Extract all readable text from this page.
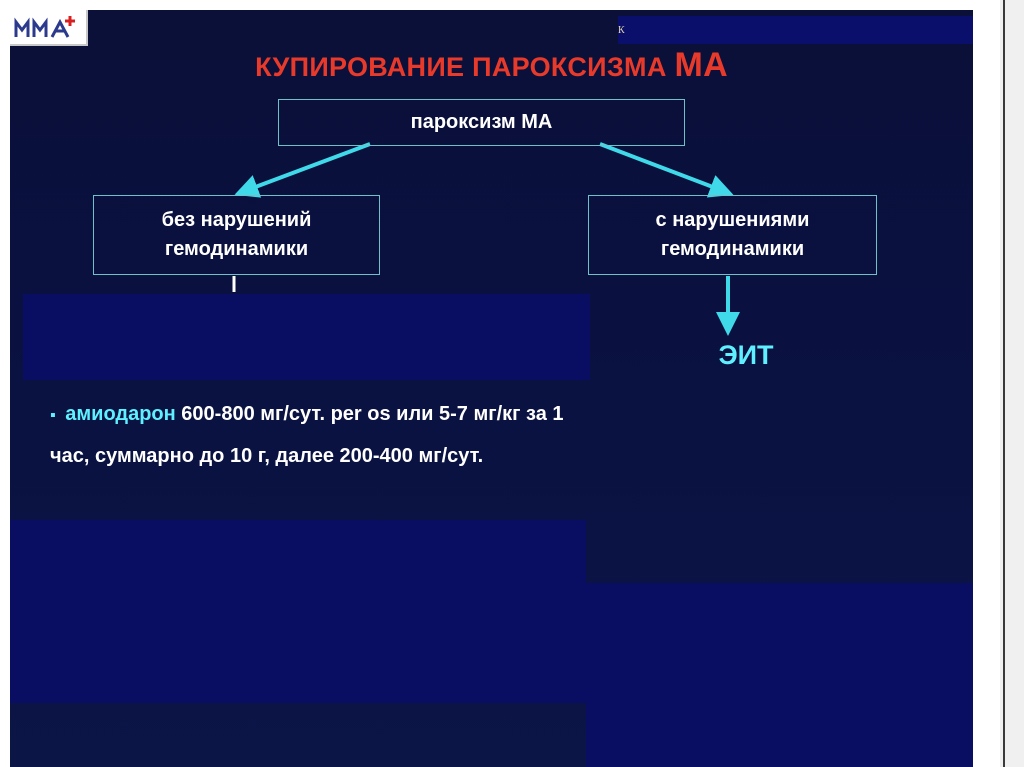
К
КУПИРОВАНИЕ ПАРОКСИЗМА МА
пароксизм МА
без нарушений
гемодинамики
с нарушениями
гемодинамики
ЭИТ
▪ амиодарон 600-800 мг/сут. per os или 5-7 мг/кг за 1 час, суммарно до 10 г, далее 200-400 мг/сут.
